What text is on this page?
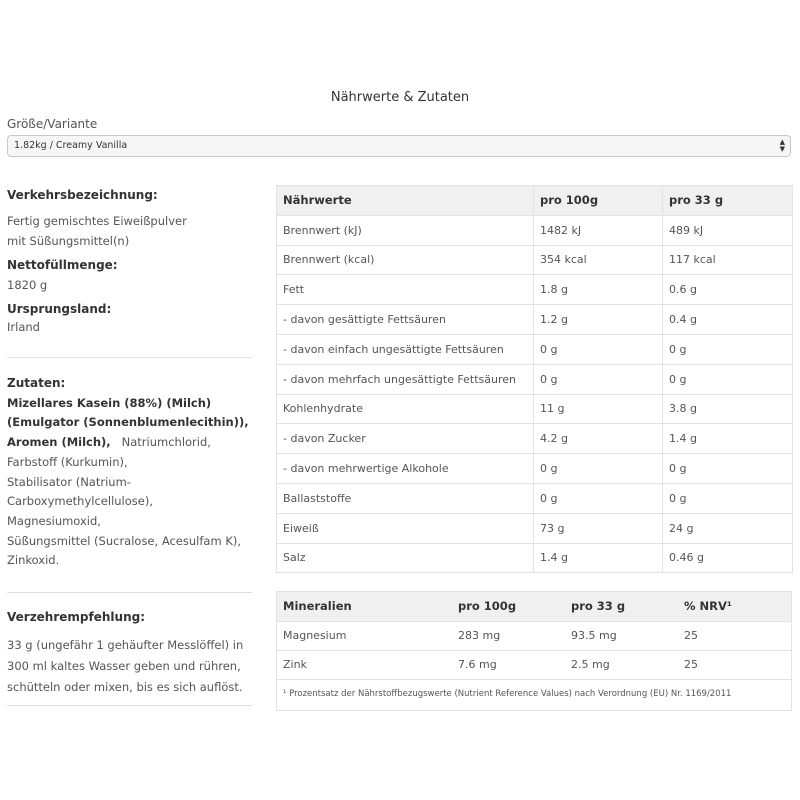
Nährwerte & Zutaten
Größe/Variante
1.82kg / Creamy Vanilla	▲
▼

Verkehrsbezeichnung:

Fertig gemischtes Eiweißpulver

mit Süßungsmittel(n)

Nettofüllmenge:

1820 g

Ursprungsland:

Irland

Zutaten:

Mizellares Kasein (88%) (Milch)

(Emulgator (Sonnenblumenlecithin)),

Aromen (Milch), Natriumchlorid,

Farbstoff (Kurkumin),

Stabilisator (Natrium-

Carboxymethylcellulose),

Magnesiumoxid,

Süßungsmittel (Sucralose, Acesulfam K),

Zinkoxid.

Verzehrempfehlung:

33 g (ungefähr 1 gehäufter Messlöffel) in

300 ml kaltes Wasser geben und rühren,

schütteln oder mixen, bis es sich auflöst.

Nährwerte	pro 100g	pro 33 g
Brennwert (kJ)	1482 kJ	489 kJ
Brennwert (kcal)	354 kcal	117 kcal
Fett	1.8 g	0.6 g
- davon gesättigte Fettsäuren	1.2 g	0.4 g
- davon einfach ungesättigte Fettsäuren	0 g	0 g
- davon mehrfach ungesättigte Fettsäuren	0 g	0 g
Kohlenhydrate	11 g	3.8 g
- davon Zucker	4.2 g	1.4 g
- davon mehrwertige Alkohole	0 g	0 g
Ballaststoffe	0 g	0 g
Eiweiß	73 g	24 g
Salz	1.4 g	0.46 g
Mineralien	pro 100g	pro 33 g	% NRV¹
Magnesium	283 mg	93.5 mg	25
Zink	7.6 mg	2.5 mg	25
¹ Prozentsatz der Nährstoffbezugswerte (Nutrient Reference Values) nach Verordnung (EU) Nr. 1169/2011
